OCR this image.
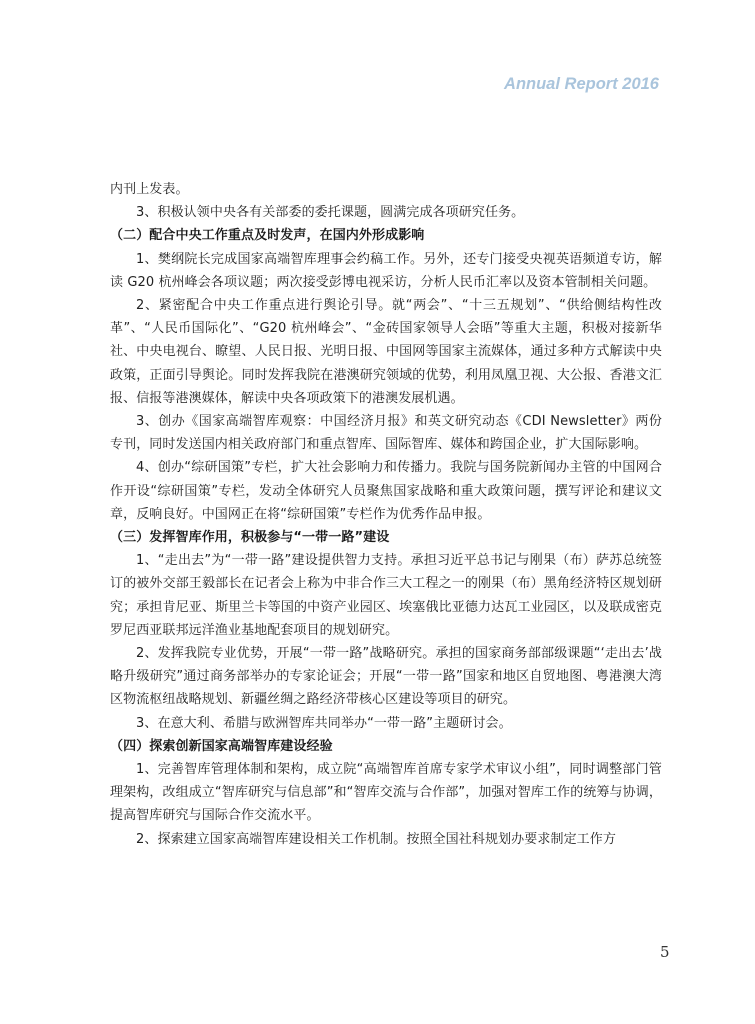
Annual Report 2016

内刊上发表。

3、积极认领中央各有关部委的委托课题，圆满完成各项研究任务。

（二）配合中央工作重点及时发声，在国内外形成影响

1、樊纲院长完成国家高端智库理事会约稿工作。另外，还专门接受央视英语频道专访，解读 G20 杭州峰会各项议题；两次接受彭博电视采访，分析人民币汇率以及资本管制相关问题。

2、紧密配合中央工作重点进行舆论引导。就“两会”、“十三五规划”、“供给侧结构性改革”、“人民币国际化”、“G20 杭州峰会”、“金砖国家领导人会晤”等重大主题，积极对接新华社、中央电视台、瞭望、人民日报、光明日报、中国网等国家主流媒体，通过多种方式解读中央政策，正面引导舆论。同时发挥我院在港澳研究领域的优势，利用凤凰卫视、大公报、香港文汇报、信报等港澳媒体，解读中央各项政策下的港澳发展机遇。

3、创办《国家高端智库观察：中国经济月报》和英文研究动态《CDI Newsletter》两份专刊，同时发送国内相关政府部门和重点智库、国际智库、媒体和跨国企业，扩大国际影响。

4、创办“综研国策”专栏，扩大社会影响力和传播力。我院与国务院新闻办主管的中国网合作开设“综研国策”专栏，发动全体研究人员聚焦国家战略和重大政策问题，撰写评论和建议文章，反响良好。中国网正在将“综研国策”专栏作为优秀作品申报。

（三）发挥智库作用，积极参与“一带一路”建设

1、“走出去”为“一带一路”建设提供智力支持。承担习近平总书记与刚果（布）萨苏总统签订的被外交部王毅部长在记者会上称为中非合作三大工程之一的刚果（布）黑角经济特区规划研究；承担肯尼亚、斯里兰卡等国的中资产业园区、埃塞俄比亚德力达瓦工业园区，以及联成密克罗尼西亚联邦远洋渔业基地配套项目的规划研究。

2、发挥我院专业优势，开展“一带一路”战略研究。承担的国家商务部部级课题“‘走出去’战略升级研究”通过商务部举办的专家论证会；开展“一带一路”国家和地区自贸地图、粤港澳大湾区物流枢纽战略规划、新疆丝绸之路经济带核心区建设等项目的研究。

3、在意大利、希腊与欧洲智库共同举办“一带一路”主题研讨会。

（四）探索创新国家高端智库建设经验

1、完善智库管理体制和架构，成立院“高端智库首席专家学术审议小组”，同时调整部门管理架构，改组成立“智库研究与信息部”和“智库交流与合作部”，加强对智库工作的统筹与协调，提高智库研究与国际合作交流水平。

2、探索建立国家高端智库建设相关工作机制。按照全国社科规划办要求制定工作方

5
